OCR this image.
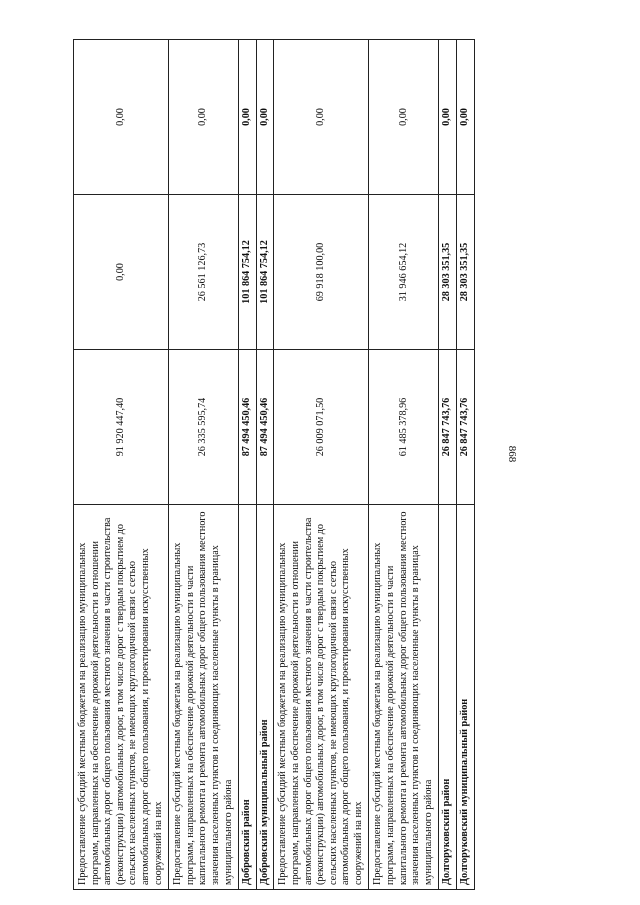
868
Предоставление субсидий местным бюджетам на реализацию муниципальных программ, направленных на обеспечение дорожной деятельности в отношении автомобильных дорог общего пользования местного значения в части строительства (реконструкции) автомобильных дорог, в том числе дорог с твердым покрытием до сельских населенных пунктов, не имеющих круглогодичной связи с сетью автомобильных дорог общего пользования, и проектирования искусственных сооружений на них	91 920 447,40	0,00	0,00
Предоставление субсидий местным бюджетам на реализацию муниципальных программ, направленных на обеспечение дорожной деятельности в части капитального ремонта и ремонта автомобильных дорог общего пользования местного значения населенных пунктов и соединяющих населенные пункты в границах муниципального района	26 335 595,74	26 561 126,73	0,00
Добровский район	87 494 450,46	101 864 754,12	0,00
Добровский муниципальный район	87 494 450,46	101 864 754,12	0,00
Предоставление субсидий местным бюджетам на реализацию муниципальных программ, направленных на обеспечение дорожной деятельности в отношении автомобильных дорог общего пользования местного значения в части строительства (реконструкции) автомобильных дорог, в том числе дорог с твердым покрытием до сельских населенных пунктов, не имеющих круглогодичной связи с сетью автомобильных дорог общего пользования, и проектирования искусственных сооружений на них	26 009 071,50	69 918 100,00	0,00
Предоставление субсидий местным бюджетам на реализацию муниципальных программ, направленных на обеспечение дорожной деятельности в части капитального ремонта и ремонта автомобильных дорог общего пользования местного значения населенных пунктов и соединяющих населенные пункты в границах муниципального района	61 485 378,96	31 946 654,12	0,00
Долгоруковский район	26 847 743,76	28 303 351,35	0,00
Долгоруковский муниципальный район	26 847 743,76	28 303 351,35	0,00
